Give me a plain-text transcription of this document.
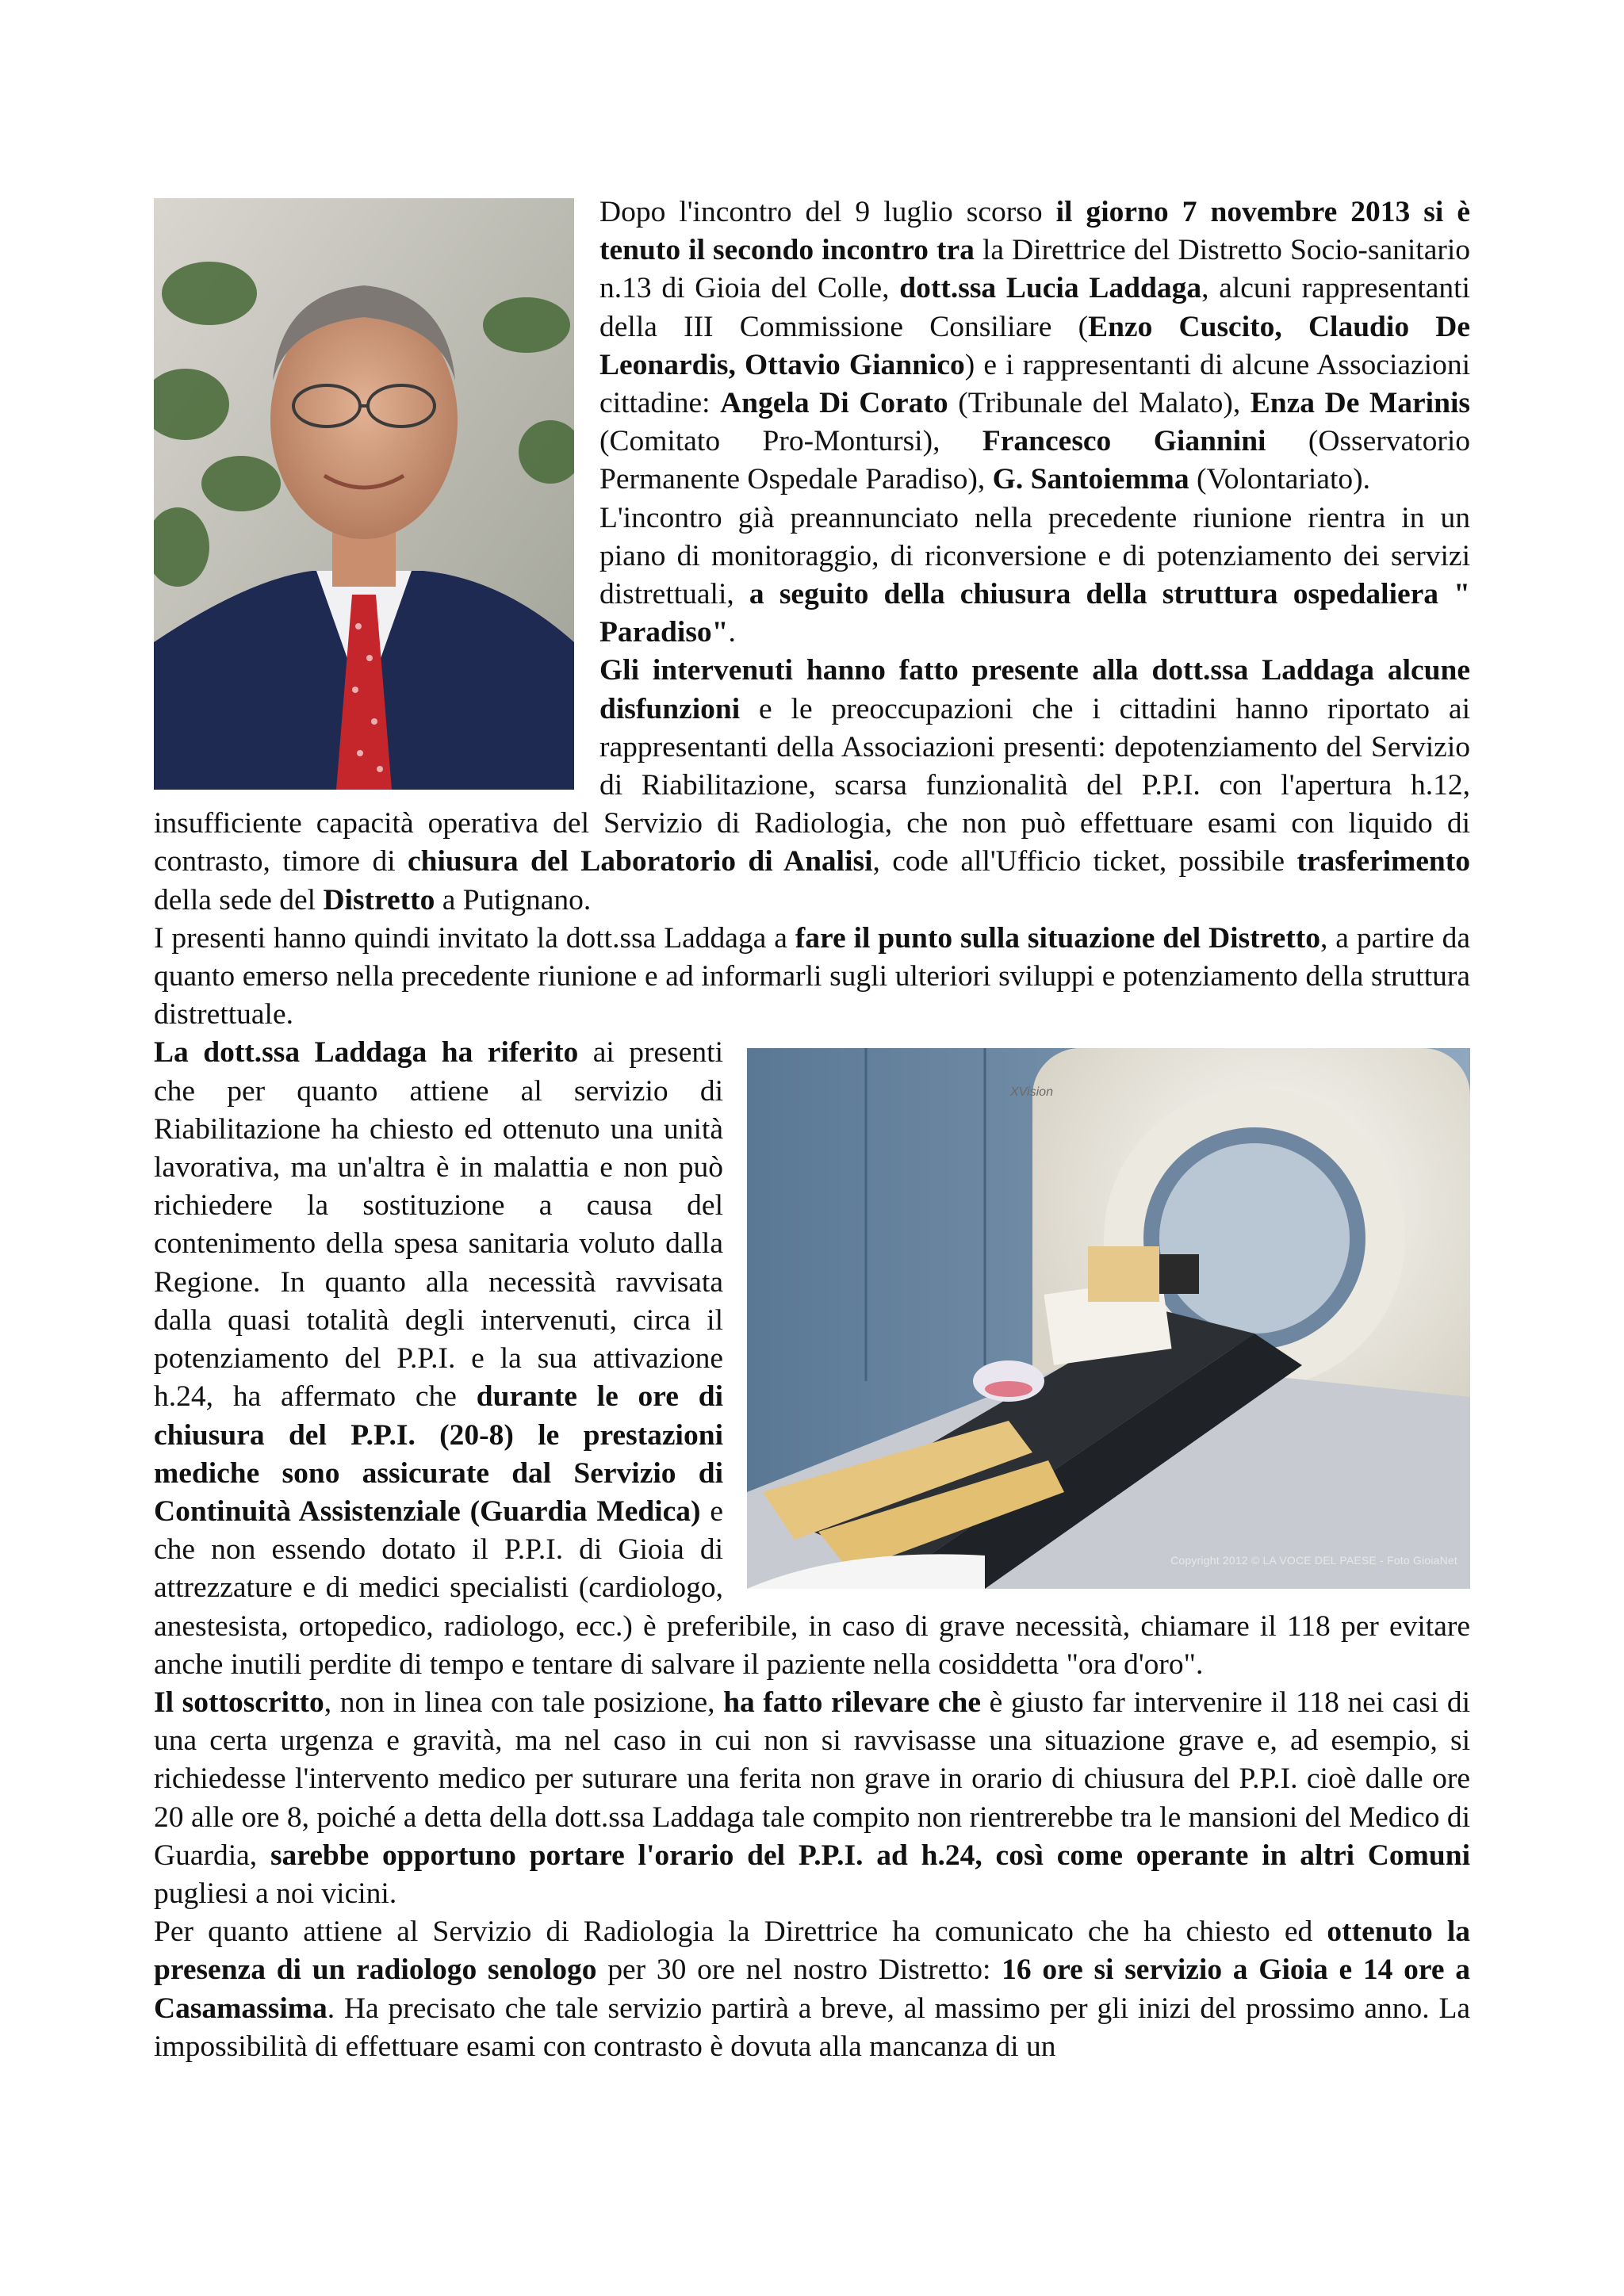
Dopo l'incontro del 9 luglio scorso il giorno 7 novembre 2013 si è tenuto il secondo incontro tra la Direttrice del Distretto Socio-sanitario n.13 di Gioia del Colle, dott.ssa Lucia Laddaga, alcuni rappresentanti della III Commissione Consiliare (Enzo Cuscito, Claudio De Leonardis, Ottavio Giannico) e i rappresentanti di alcune Associazioni cittadine: Angela Di Corato (Tribunale del Malato), Enza De Marinis (Comitato Pro-Montursi), Francesco Giannini (Osservatorio Permanente Ospedale Paradiso), G. Santoiemma (Volontariato).

L'incontro già preannunciato nella precedente riunione rientra in un piano di monitoraggio, di riconversione e di potenziamento dei servizi distrettuali, a seguito della chiusura della struttura ospedaliera " Paradiso".

Gli intervenuti hanno fatto presente alla dott.ssa Laddaga alcune disfunzioni e le preoccupazioni che i cittadini hanno riportato ai rappresentanti della Associazioni presenti: depotenziamento del Servizio di Riabilitazione, scarsa funzionalità del P.P.I. con l'apertura h.12, insufficiente capacità operativa del Servizio di Radiologia, che non può effettuare esami con liquido di contrasto, timore di chiusura del Laboratorio di Analisi, code all'Ufficio ticket, possibile trasferimento della sede del Distretto a Putignano.

I presenti hanno quindi invitato la dott.ssa Laddaga a fare il punto sulla situazione del Distretto, a partire da quanto emerso nella precedente riunione e ad informarli sugli ulteriori sviluppi e potenziamento della struttura distrettuale.

XVision
Copyright 2012 © LA VOCE DEL PAESE - Foto GioiaNet

La dott.ssa Laddaga ha riferito ai presenti che per quanto attiene al servizio di Riabilitazione ha chiesto ed ottenuto una unità lavorativa, ma un'altra è in malattia e non può richiedere la sostituzione a causa del contenimento della spesa sanitaria voluto dalla Regione. In quanto alla necessità ravvisata dalla quasi totalità degli intervenuti, circa il potenziamento del P.P.I. e la sua attivazione h.24, ha affermato che durante le ore di chiusura del P.P.I. (20-8) le prestazioni mediche sono assicurate dal Servizio di Continuità Assistenziale (Guardia Medica) e che non essendo dotato il P.P.I. di Gioia di attrezzature e di medici specialisti (cardiologo, anestesista, ortopedico, radiologo, ecc.) è preferibile, in caso di grave necessità, chiamare il 118 per evitare anche inutili perdite di tempo e tentare di salvare il paziente nella cosiddetta "ora d'oro".

Il sottoscritto, non in linea con tale posizione, ha fatto rilevare che è giusto far intervenire il 118 nei casi di una certa urgenza e gravità, ma nel caso in cui non si ravvisasse una situazione grave e, ad esempio, si richiedesse l'intervento medico per suturare una ferita non grave in orario di chiusura del P.P.I. cioè dalle ore 20 alle ore 8, poiché a detta della dott.ssa Laddaga tale compito non rientrerebbe tra le mansioni del Medico di Guardia, sarebbe opportuno portare l'orario del P.P.I. ad h.24, così come operante in altri Comuni pugliesi a noi vicini.

Per quanto attiene al Servizio di Radiologia la Direttrice ha comunicato che ha chiesto ed ottenuto la presenza di un radiologo senologo per 30 ore nel nostro Distretto: 16 ore si servizio a Gioia e 14 ore a Casamassima. Ha precisato che tale servizio partirà a breve, al massimo per gli inizi del prossimo anno. La impossibilità di effettuare esami con contrasto è dovuta alla mancanza di un
